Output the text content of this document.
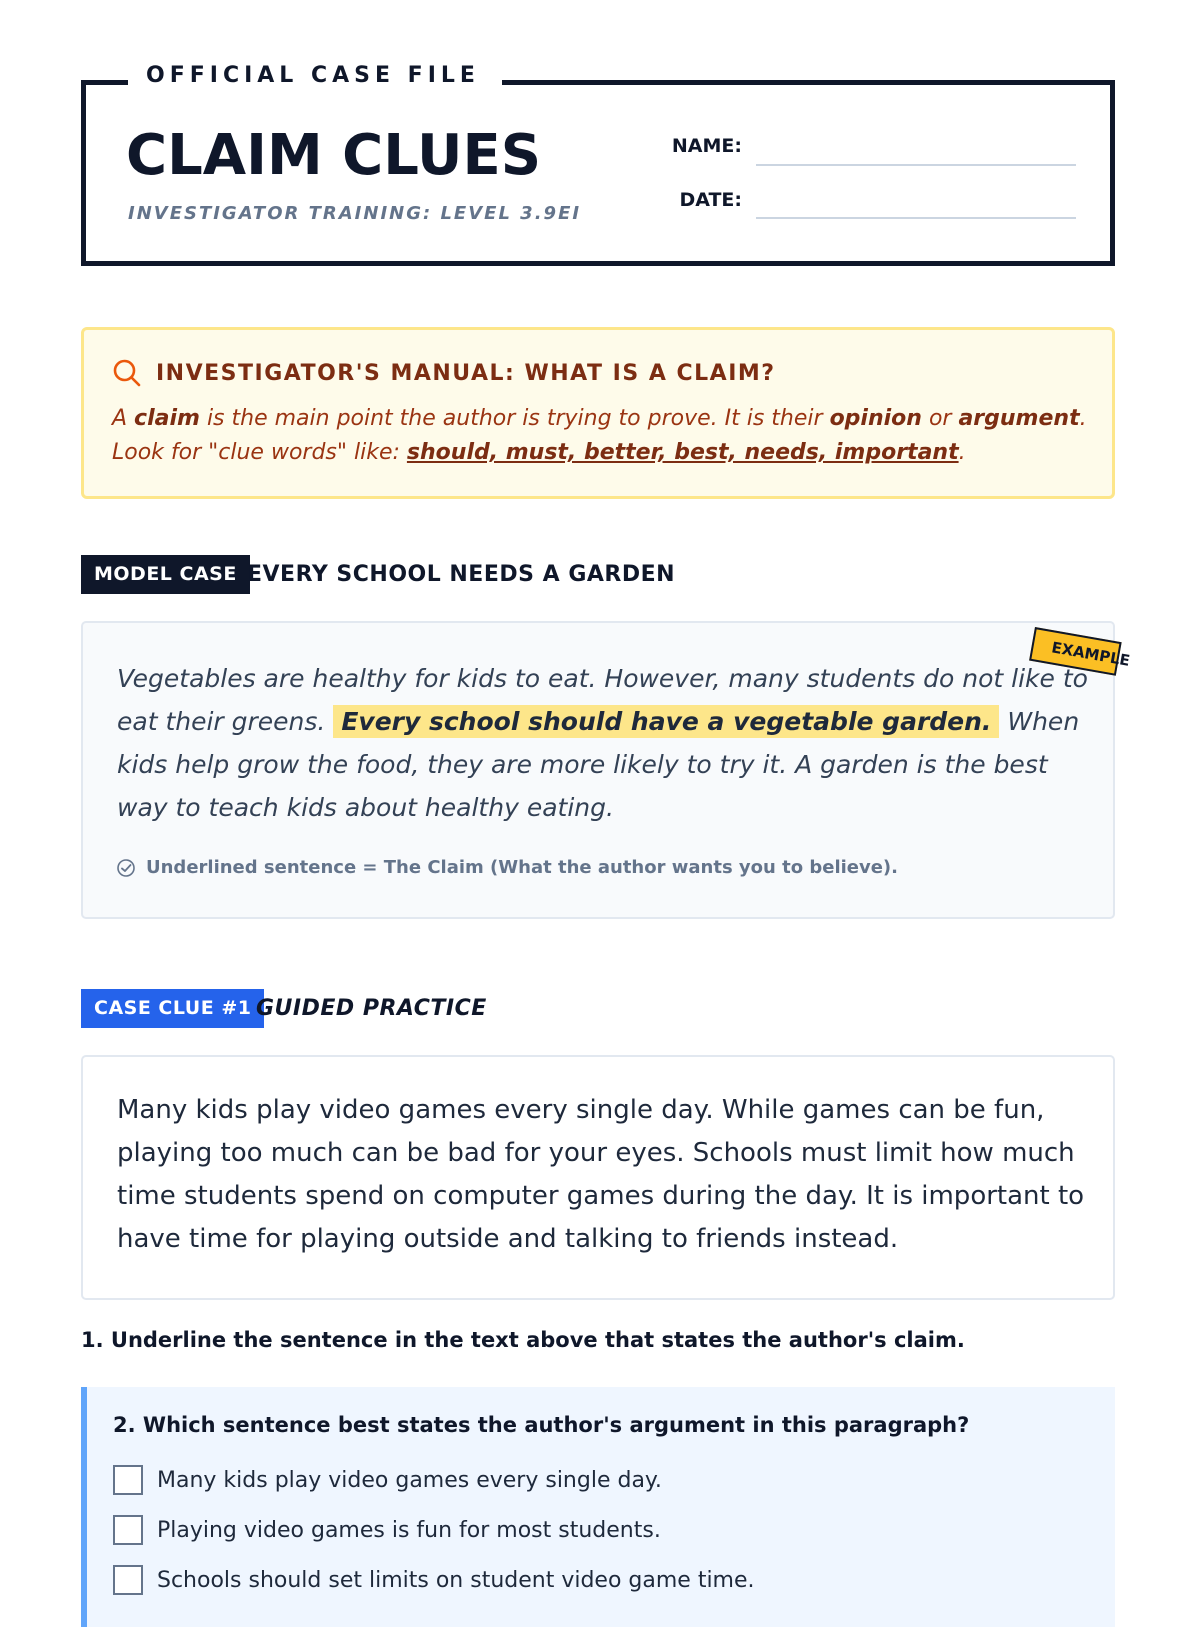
OFFICIAL CASE FILE
CLAIM CLUES
INVESTIGATOR TRAINING: LEVEL 3.9EI
NAME:
DATE:
INVESTIGATOR'S MANUAL: WHAT IS A CLAIM?
A claim is the main point the author is trying to prove. It is their opinion or argument.
Look for "clue words" like: should, must, better, best, needs, important.
MODEL CASE EVERY SCHOOL NEEDS A GARDEN
EXAMPLE
Vegetables are healthy for kids to eat. However, many students do not like to eat their greens. Every school should have a vegetable garden. When kids help grow the food, they are more likely to try it. A garden is the best way to teach kids about healthy eating.
Underlined sentence = The Claim (What the author wants you to believe).
CASE CLUE #1 GUIDED PRACTICE
Many kids play video games every single day. While games can be fun, playing too much can be bad for your eyes. Schools must limit how much time students spend on computer games during the day. It is important to have time for playing outside and talking to friends instead.
1. Underline the sentence in the text above that states the author's claim.
2. Which sentence best states the author's argument in this paragraph?
Many kids play video games every single day.
Playing video games is fun for most students.
Schools should set limits on student video game time.
